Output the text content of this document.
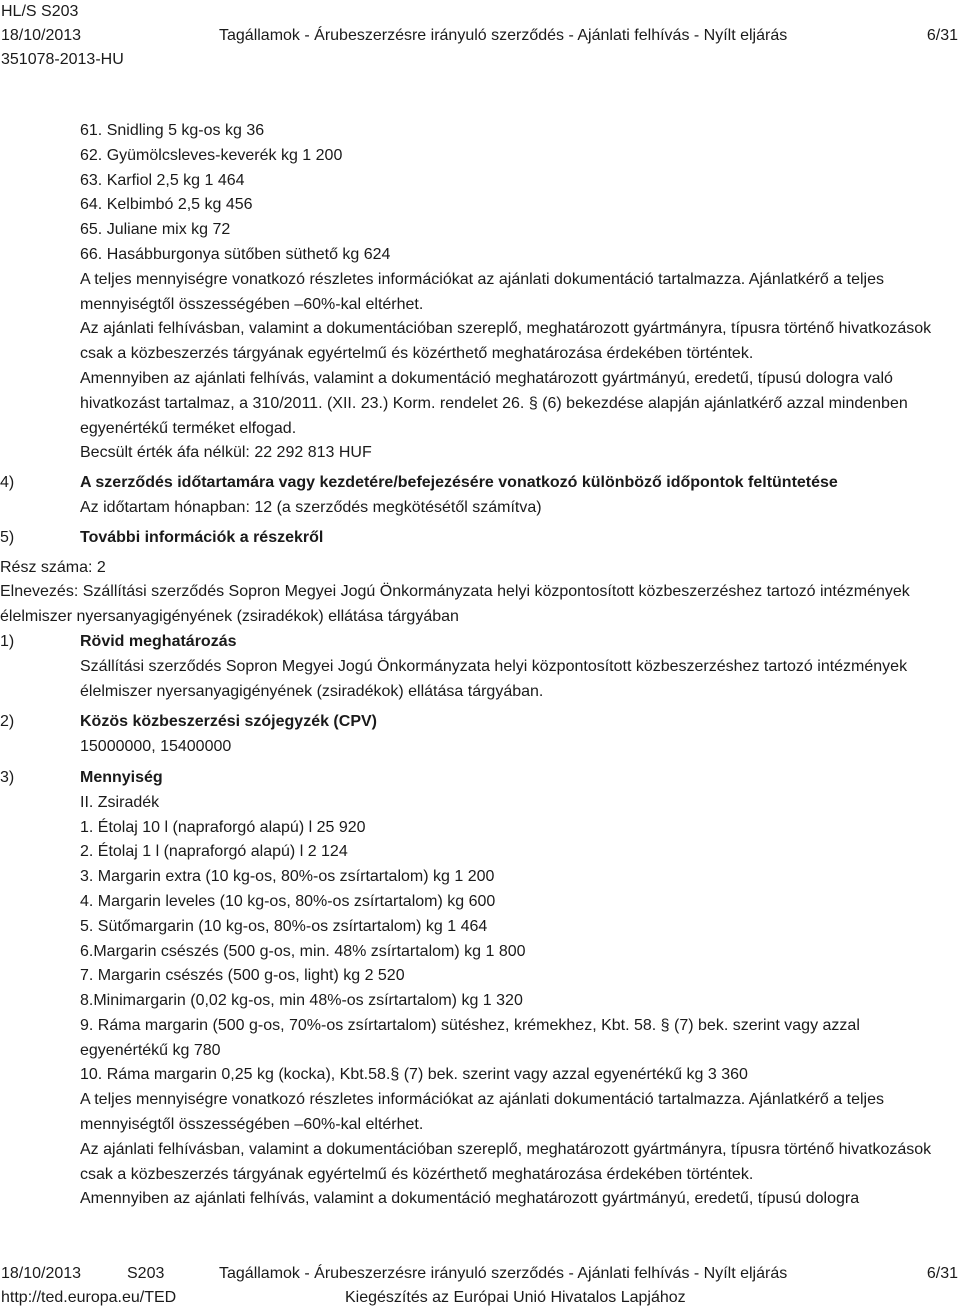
HL/S S203
18/10/2013	Tagállamok - Árubeszerzésre irányuló szerződés - Ajánlati felhívás - Nyílt eljárás	6/31
351078-2013-HU

61. Snidling 5 kg-os kg 36

62. Gyümölcsleves-keverék kg 1 200

63. Karfiol 2,5 kg 1 464

64. Kelbimbó 2,5 kg 456

65. Juliane mix kg 72

66. Hasábburgonya sütőben süthető kg 624

A teljes mennyiségre vonatkozó részletes információkat az ajánlati dokumentáció tartalmazza. Ajánlatkérő a teljes mennyiségtől összességében –60%-kal eltérhet.

Az ajánlati felhívásban, valamint a dokumentációban szereplő, meghatározott gyártmányra, típusra történő hivatkozások csak a közbeszerzés tárgyának egyértelmű és közérthető meghatározása érdekében történtek.

Amennyiben az ajánlati felhívás, valamint a dokumentáció meghatározott gyártmányú, eredetű, típusú dologra való hivatkozást tartalmaz, a 310/2011. (XII. 23.) Korm. rendelet 26. § (6) bekezdése alapján ajánlatkérő azzal mindenben egyenértékű terméket elfogad.

Becsült érték áfa nélkül: 22 292 813 HUF

4)	A szerződés időtartamára vagy kezdetére/befejezésére vonatkozó különböző időpontok feltüntetése
Az időtartam hónapban: 12 (a szerződés megkötésétől számítva)
5)	További információk a részekről
Rész száma: 2
Elnevezés: Szállítási szerződés Sopron Megyei Jogú Önkormányzata helyi központosított közbeszerzéshez tartozó intézmények élelmiszer nyersanyagigényének (zsiradékok) ellátása tárgyában
1)	Rövid meghatározás
Szállítási szerződés Sopron Megyei Jogú Önkormányzata helyi központosított közbeszerzéshez tartozó intézmények élelmiszer nyersanyagigényének (zsiradékok) ellátása tárgyában.
2)	Közös közbeszerzési szójegyzék (CPV)
15000000, 15400000
3)	Mennyiség
II. Zsiradék
1. Étolaj 10 l (napraforgó alapú) l 25 920
2. Étolaj 1 l (napraforgó alapú) l 2 124
3. Margarin extra (10 kg-os, 80%-os zsírtartalom) kg 1 200
4. Margarin leveles (10 kg-os, 80%-os zsírtartalom) kg 600
5. Sütőmargarin (10 kg-os, 80%-os zsírtartalom) kg 1 464
6.Margarin csészés (500 g-os, min. 48% zsírtartalom) kg 1 800
7. Margarin csészés (500 g-os, light) kg 2 520
8.Minimargarin (0,02 kg-os, min 48%-os zsírtartalom) kg 1 320
9. Ráma margarin (500 g-os, 70%-os zsírtartalom) sütéshez, krémekhez, Kbt. 58. § (7) bek. szerint vagy azzal egyenértékű kg 780
10. Ráma margarin 0,25 kg (kocka), Kbt.58.§ (7) bek. szerint vagy azzal egyenértékű kg 3 360
A teljes mennyiségre vonatkozó részletes információkat az ajánlati dokumentáció tartalmazza. Ajánlatkérő a teljes mennyiségtől összességében –60%-kal eltérhet.
Az ajánlati felhívásban, valamint a dokumentációban szereplő, meghatározott gyártmányra, típusra történő hivatkozások csak a közbeszerzés tárgyának egyértelmű és közérthető meghatározása érdekében történtek.
Amennyiben az ajánlati felhívás, valamint a dokumentáció meghatározott gyártmányú, eredetű, típusú dologra
18/10/2013	S203	Tagállamok - Árubeszerzésre irányuló szerződés - Ajánlati felhívás - Nyílt eljárás	6/31
http://ted.europa.eu/TED	Kiegészítés az Európai Unió Hivatalos Lapjához
